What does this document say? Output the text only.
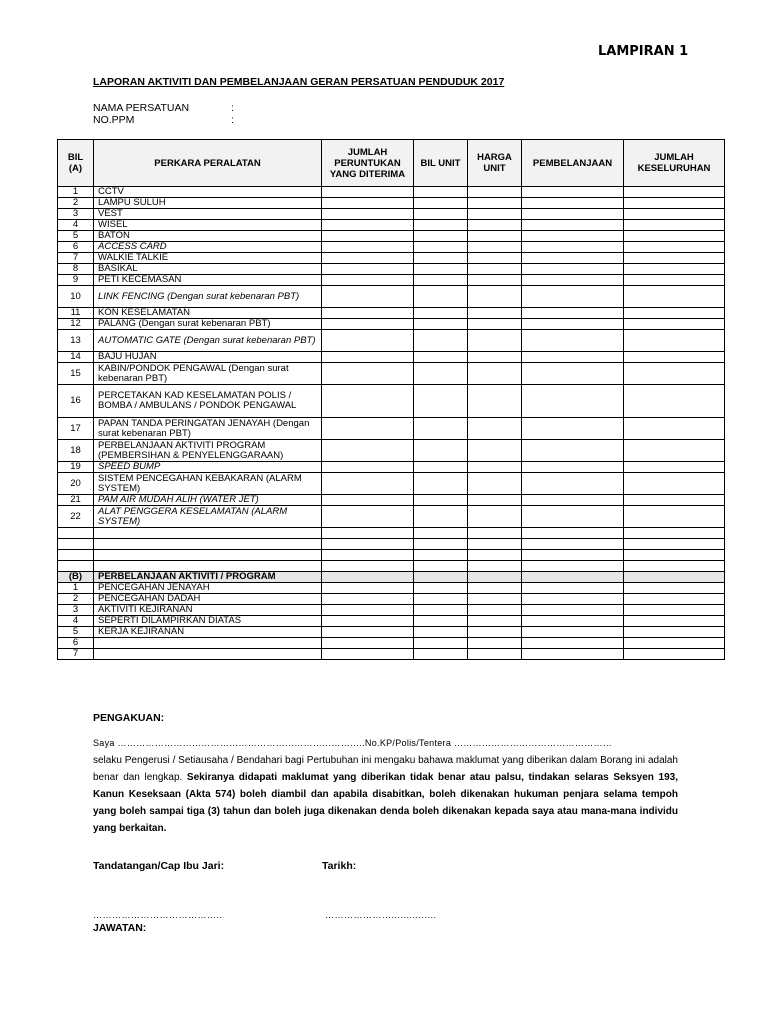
LAMPIRAN 1
LAPORAN AKTIVITI DAN PEMBELANJAAN GERAN PERSATUAN PENDUDUK 2017
NAMA PERSATUAN	:
NO.PPM	:
BIL (A)	PERKARA PERALATAN	JUMLAH PERUNTUKAN YANG DITERIMA	BIL UNIT	HARGA UNIT	PEMBELANJAAN	JUMLAH KESELURUHAN
1	CCTV					
2	LAMPU SULUH					
3	VEST					
4	WISEL					
5	BATON					
6	ACCESS CARD					
7	WALKIE TALKIE					
8	BASIKAL					
9	PETI KECEMASAN					
10	LINK FENCING (Dengan surat kebenaran PBT)					
11	KON KESELAMATAN					
12	PALANG (Dengan surat kebenaran PBT)					
13	AUTOMATIC GATE (Dengan surat kebenaran PBT)					
14	BAJU HUJAN					
15	KABIN/PONDOK PENGAWAL (Dengan surat kebenaran PBT)					
16	PERCETAKAN KAD KESELAMATAN POLIS / BOMBA / AMBULANS / PONDOK PENGAWAL					
17	PAPAN TANDA PERINGATAN JENAYAH (Dengan surat kebenaran PBT)					
18	PERBELANJAAN AKTIVITI PROGRAM (PEMBERSIHAN & PENYELENGGARAAN)					
19	SPEED BUMP					
20	SISTEM PENCEGAHAN KEBAKARAN (ALARM SYSTEM)					
21	PAM AIR MUDAH ALIH (WATER JET)					
22	ALAT PENGGERA KESELAMATAN (ALARM SYSTEM)					

(B)	PERBELANJAAN AKTIVITI / PROGRAM					
1	PENCEGAHAN JENAYAH					
2	PENCEGAHAN DADAH					
3	AKTIVITI KEJIRANAN					
4	SEPERTI DILAMPIRKAN DIATAS					
5	KERJA KEJIRANAN					
6						
7						
PENGAKUAN:
Saya ……………………………………………………………………..No.KP/Polis/Tentera ……………………………………………
selaku Pengerusi / Setiausaha / Bendahari bagi Pertubuhan ini mengaku bahawa maklumat yang diberikan dalam Borang ini adalah benar dan lengkap. Sekiranya didapati maklumat yang diberikan tidak benar atau palsu, tindakan selaras Seksyen 193, Kanun Keseksaan (Akta 574) boleh diambil dan apabila disabitkan, boleh dikenakan hukuman penjara selama tempoh yang boleh sampai tiga (3) tahun dan boleh juga dikenakan denda boleh dikenakan kepada saya atau mana-mana individu yang berkaitan.
Tandatangan/Cap Ibu Jari:	Tarikh:
…………………………………..	…………………...............
JAWATAN:
